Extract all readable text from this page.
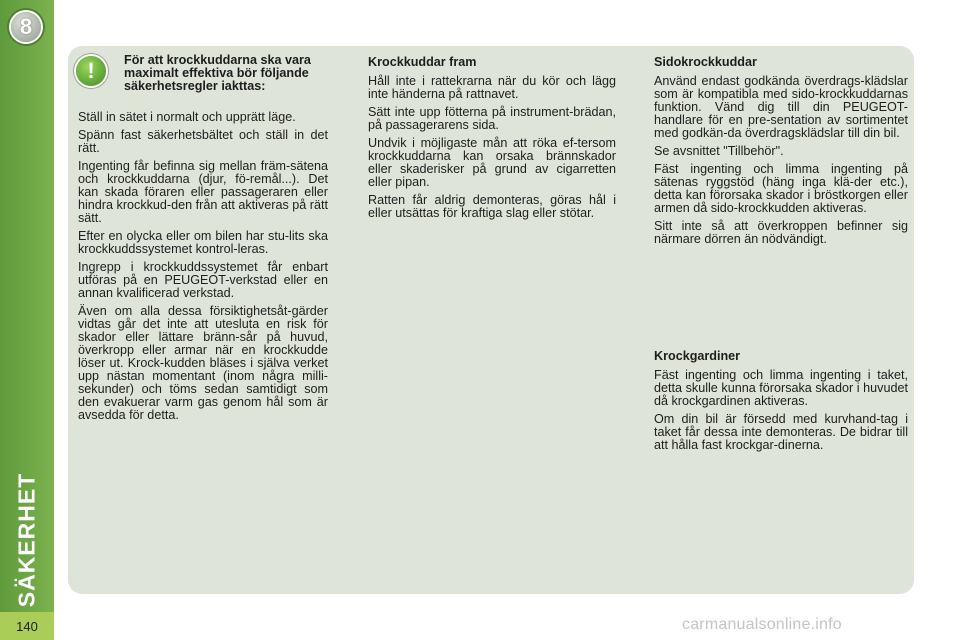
8
SÄKERHET
140
!	För att krockkuddarna ska vara maximalt effektiva bör följande säkerhetsregler iakttas:

Ställ in sätet i normalt och upprätt läge.

Spänn fast säkerhetsbältet och ställ in det rätt.

Ingenting får befinna sig mellan främ-sätena och krockkuddarna (djur, fö-remål...). Det kan skada föraren eller passageraren eller hindra krockkud-den från att aktiveras på rätt sätt.

Efter en olycka eller om bilen har stu-lits ska krockkuddssystemet kontrol-leras.

Ingrepp i krockkuddssystemet får enbart utföras på en PEUGEOT-verkstad eller en annan kvalificerad verkstad.

Även om alla dessa försiktighetsåt-gärder vidtas går det inte att utesluta en risk för skador eller lättare bränn-sår på huvud, överkropp eller armar när en krockkudde löser ut. Krock-kudden bläses i själva verket upp nästan momentant (inom några milli-sekunder) och töms sedan samtidigt som den evakuerar varm gas genom hål som är avsedda för detta.

Krockkuddar fram

Håll inte i rattekrarna när du kör och lägg inte händerna på rattnavet.

Sätt inte upp fötterna på instrument-brädan, på passagerarens sida.

Undvik i möjligaste mån att röka ef-tersom krockkuddarna kan orsaka brännskador eller skaderisker på grund av cigarretten eller pipan.

Ratten får aldrig demonteras, göras hål i eller utsättas för kraftiga slag eller stötar.

Sidokrockkuddar

Använd endast godkända överdrags-klädslar som är kompatibla med sido-krockkuddarnas funktion. Vänd dig till din PEUGEOT-handlare för en pre-sentation av sortimentet med godkän-da överdragsklädslar till din bil.

Se avsnittet "Tillbehör".

Fäst ingenting och limma ingenting på sätenas ryggstöd (häng inga klä-der etc.), detta kan förorsaka skador i bröstkorgen eller armen då sido-krockkudden aktiveras.

Sitt inte så att överkroppen befinner sig närmare dörren än nödvändigt.

Krockgardiner

Fäst ingenting och limma ingenting i taket, detta skulle kunna förorsaka skador i huvudet då krockgardinen aktiveras.

Om din bil är försedd med kurvhand-tag i taket får dessa inte demonteras. De bidrar till att hålla fast krockgar-dinerna.

carmanualsonline.info
